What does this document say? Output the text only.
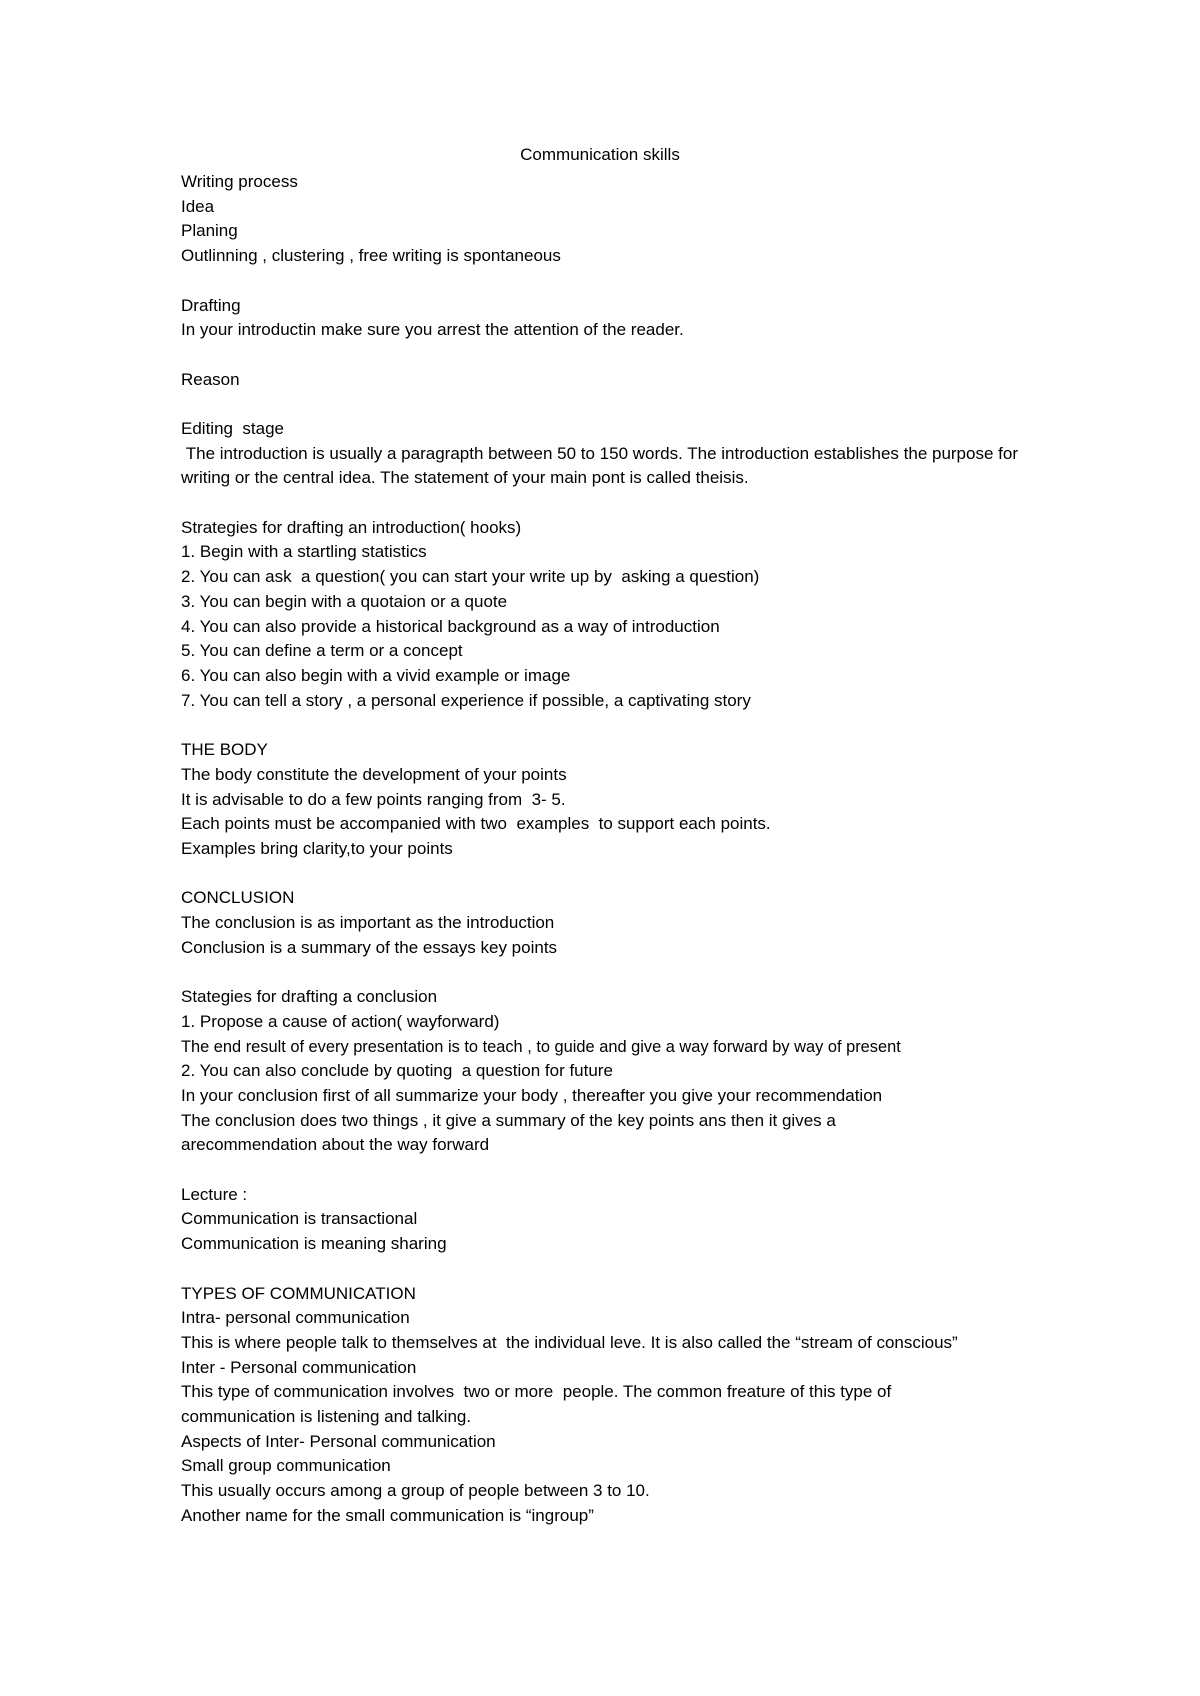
Communication skills
Writing process
Idea
Planing
Outlinning , clustering , free writing is spontaneous
Drafting
In your introductin make sure you arrest the attention of the reader.
Reason
Editing  stage
The introduction is usually a paragrapth between 50 to 150 words. The introduction establishes the purpose for writing or the central idea. The statement of your main pont is called theisis.
Strategies for drafting an introduction( hooks)
1. Begin with a startling statistics
2. You can ask  a question( you can start your write up by  asking a question)
3. You can begin with a quotaion or a quote
4. You can also provide a historical background as a way of introduction
5. You can define a term or a concept
6. You can also begin with a vivid example or image
7. You can tell a story , a personal experience if possible, a captivating story
THE BODY
The body constitute the development of your points
It is advisable to do a few points ranging from  3- 5.
Each points must be accompanied with two  examples  to support each points.
Examples bring clarity,to your points
CONCLUSION
The conclusion is as important as the introduction
Conclusion is a summary of the essays key points
Stategies for drafting a conclusion
1. Propose a cause of action( wayforward)
The end result of every presentation is to teach , to guide and give a way forward by way of present
2. You can also conclude by quoting  a question for future
In your conclusion first of all summarize your body , thereafter you give your recommendation
The conclusion does two things , it give a summary of the key points ans then it gives a arecommendation about the way forward
Lecture :
Communication is transactional
Communication is meaning sharing
TYPES OF COMMUNICATION
Intra- personal communication
This is where people talk to themselves at  the individual leve. It is also called the “stream of conscious”
Inter - Personal communication
This type of communication involves  two or more  people. The common freature of this type of communication is listening and talking.
Aspects of Inter- Personal communication
Small group communication
This usually occurs among a group of people between 3 to 10.
Another name for the small communication is “ingroup”
